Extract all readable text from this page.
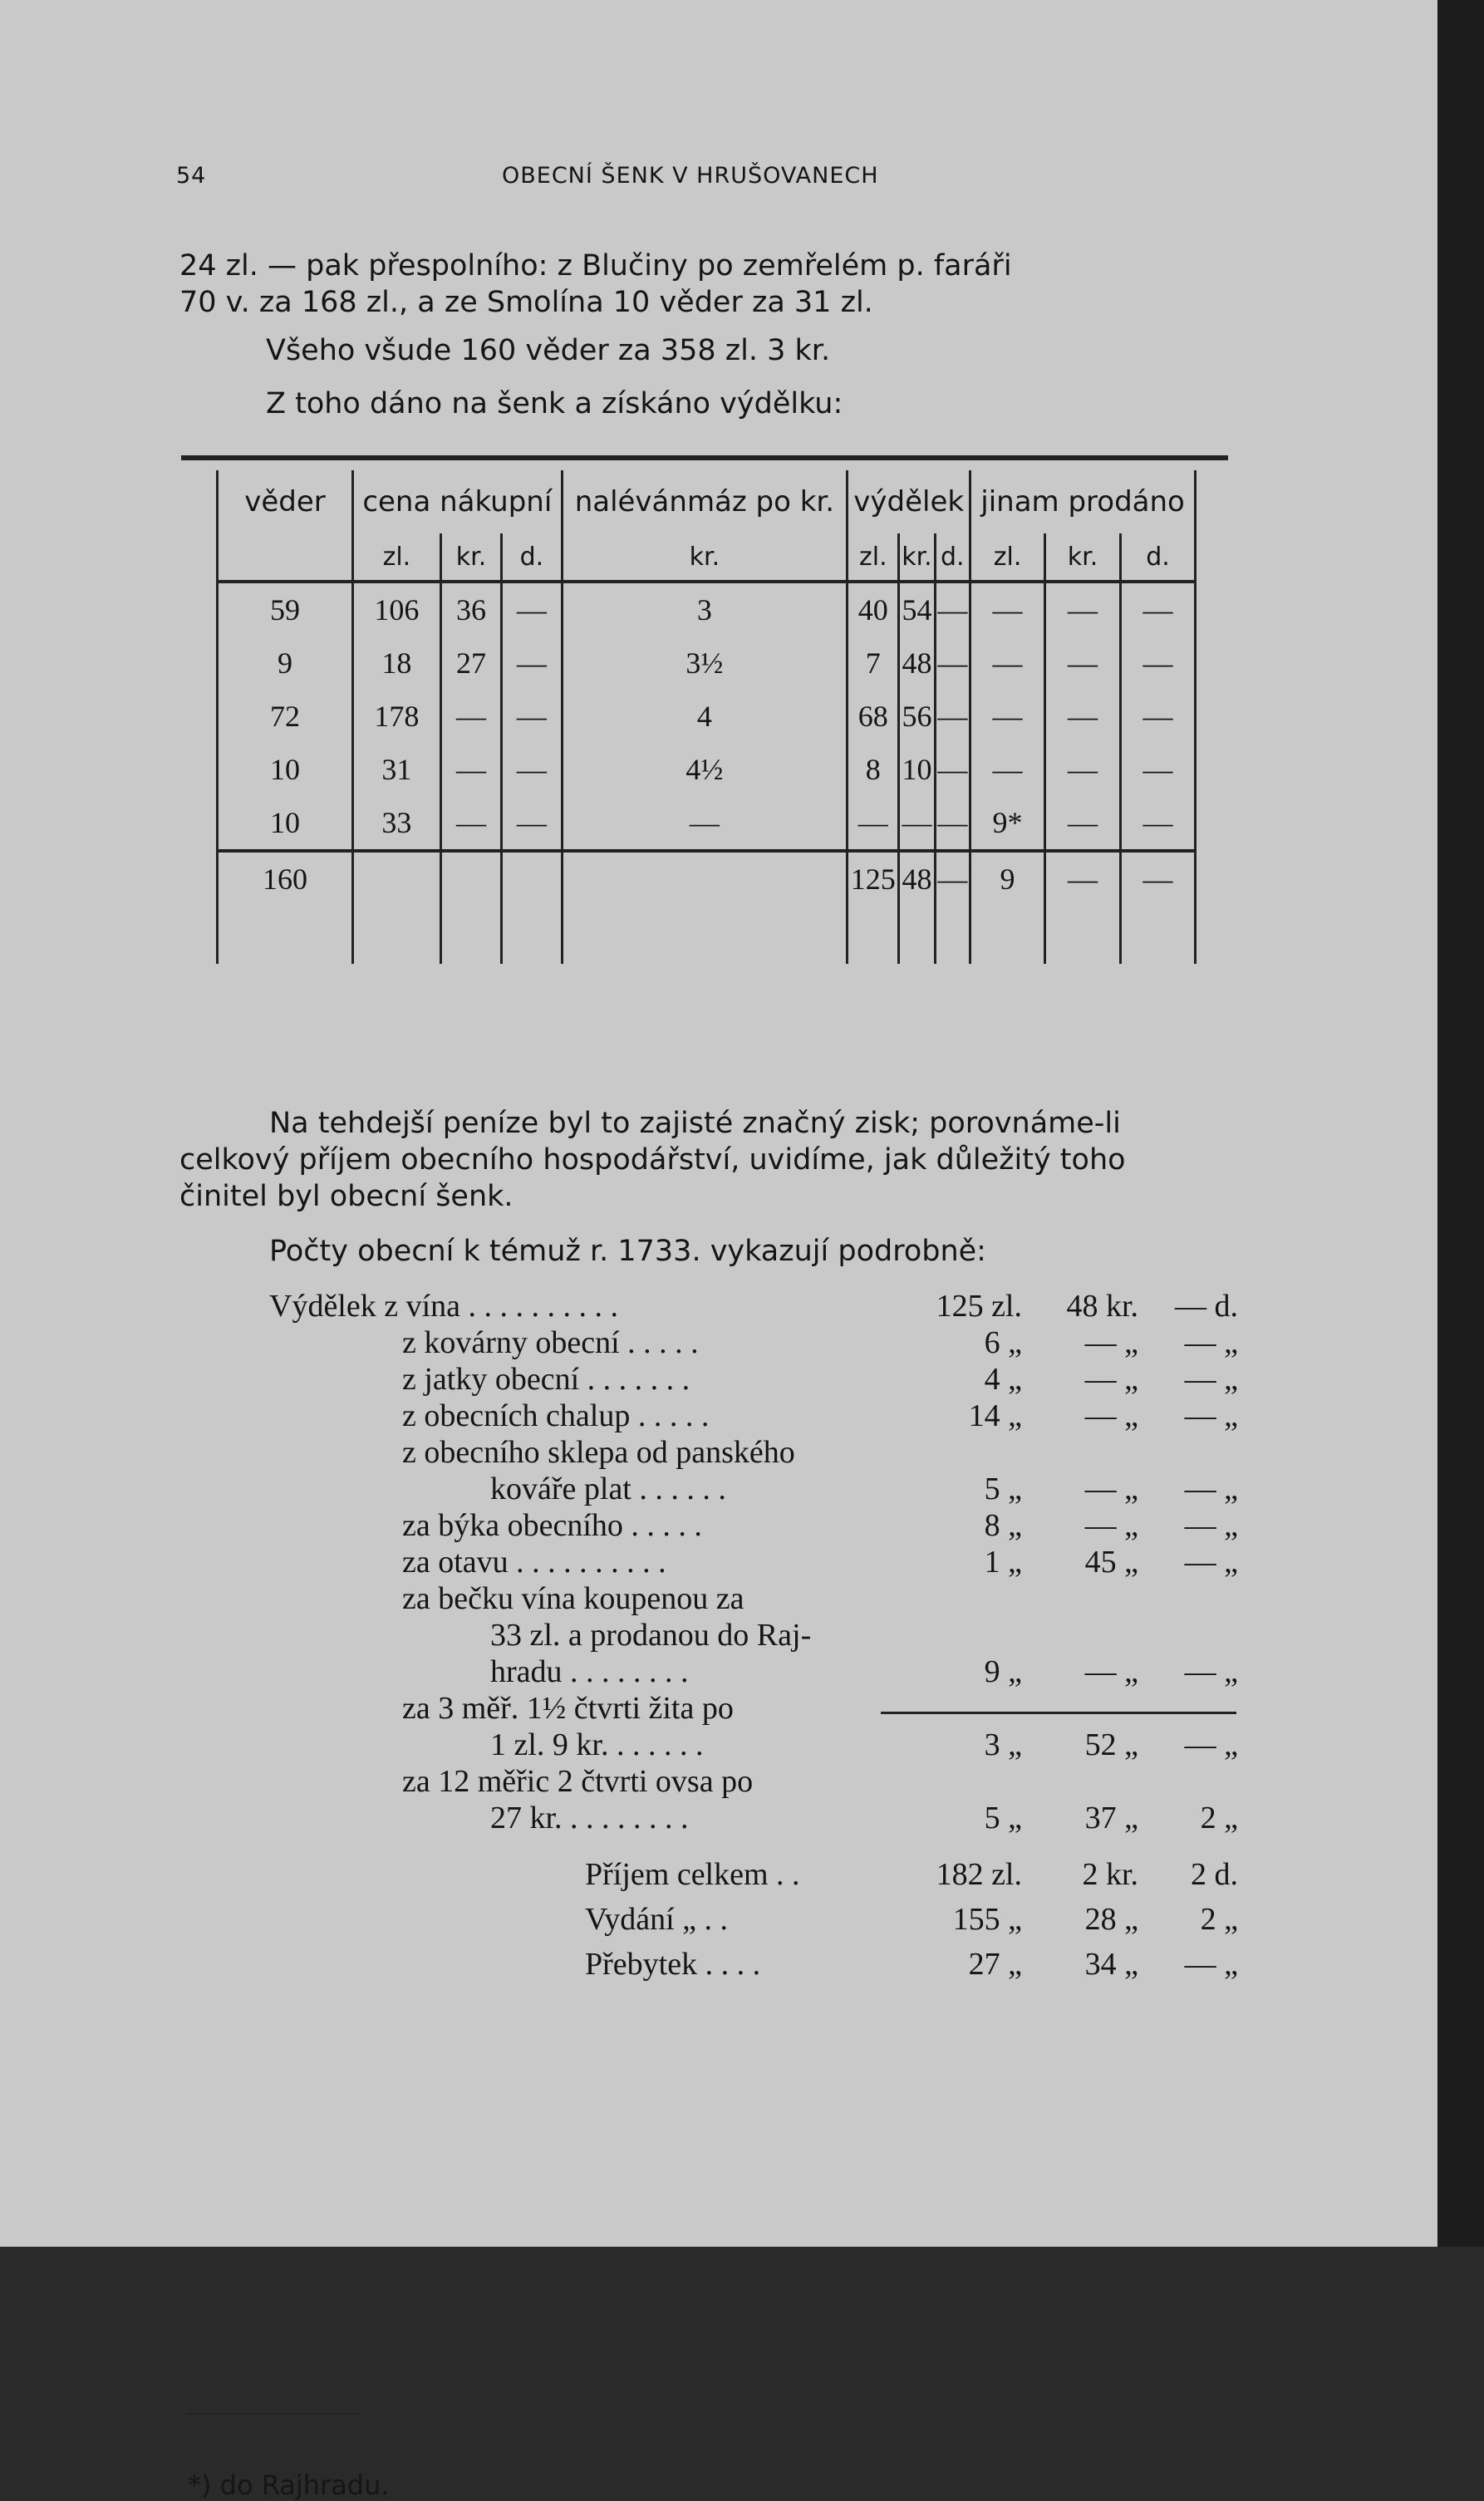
54	OBECNÍ ŠENK V HRUŠOVANECH
24 zl. — pak přespolního: z Blučiny po zemřelém p. faráři
70 v. za 168 zl., a ze Smolína 10 věder za 31 zl.
Všeho všude 160 věder za 358 zl. 3 kr.
Z toho dáno na šenk a získáno výdělku:
věder	cena nákupní			nalévánmáz po kr.	výdělek			jinam prodáno		
	zl.	kr.	d.	kr.	zl.	kr.	d.	zl.	kr.	d.
59	106	36	—	3	40	54	—	—	—	—
9	18	27	—	3½	7	48	—	—	—	—
72	178	—	—	4	68	56	—	—	—	—
10	31	—	—	4½	8	10	—	—	—	—
10	33	—	—	—	—	—	—	9*	—	—
160					125	48	—	9	—	—

Na tehdejší peníze byl to zajisté značný zisk; porovnáme-li
celkový příjem obecního hospodářství, uvidíme, jak důležitý toho
činitel byl obecní šenk.
Počty obecní k témuž r. 1733. vykazují podrobně:
Výdělek z vína . . . . . . . . . .	125 zl.	48 kr.	— d.
z kovárny obecní . . . . .	6 „	— „	— „
z jatky obecní . . . . . . .	4 „	— „	— „
z obecních chalup . . . . .	14 „	— „	— „
z obecního sklepa od panského
kováře plat . . . . . .	5 „	— „	— „
za býka obecního . . . . .	8 „	— „	— „
za otavu . . . . . . . . . .	1 „	45 „	— „
za bečku vína koupenou za
33 zl. a prodanou do Raj-
hradu . . . . . . . .	9 „	— „	— „
za 3 měř. 1½ čtvrti žita po
1 zl. 9 kr. . . . . . .	3 „	52 „	— „
za 12 měřic 2 čtvrti ovsa po
27 kr. . . . . . . . .	5 „	37 „	2 „
Příjem celkem . .	182 zl.	2 kr.	2 d.
Vydání „ . .	155 „	28 „	2 „
Přebytek . . . .	27 „	34 „	— „
*) do Rajhradu.
